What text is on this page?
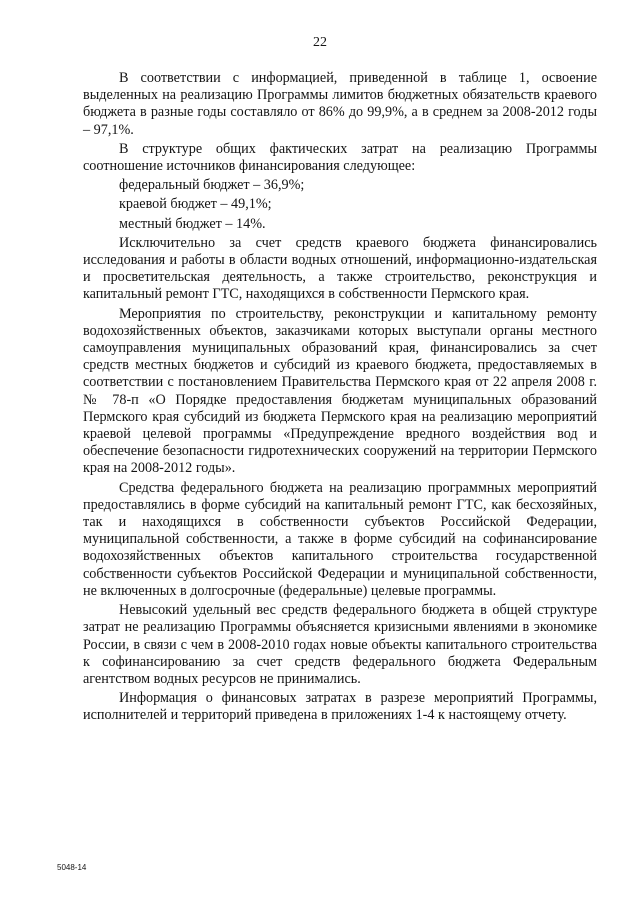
22

В соответствии с информацией, приведенной в таблице 1, освоение выделенных на реализацию Программы лимитов бюджетных обязательств краевого бюджета в разные годы составляло от 86% до 99,9%, а в среднем за 2008-2012 годы – 97,1%.

В структуре общих фактических затрат на реализацию Программы соотношение источников финансирования следующее:

федеральный бюджет – 36,9%;

краевой бюджет – 49,1%;

местный бюджет – 14%.

Исключительно за счет средств краевого бюджета финансировались исследования и работы в области водных отношений, информационно-издательская и просветительская деятельность, а также строительство, реконструкция и капитальный ремонт ГТС, находящихся в собственности Пермского края.

Мероприятия по строительству, реконструкции и капитальному ремонту водохозяйственных объектов, заказчиками которых выступали органы местного самоуправления муниципальных образований края, финансировались за счет средств местных бюджетов и субсидий из краевого бюджета, предоставляемых в соответствии с постановлением Правительства Пермского края от 22 апреля 2008 г. № 78-п «О Порядке предоставления бюджетам муниципальных образований Пермского края субсидий из бюджета Пермского края на реализацию мероприятий краевой целевой программы «Предупреждение вредного воздействия вод и обеспечение безопасности гидротехнических сооружений на территории Пермского края на 2008-2012 годы».

Средства федерального бюджета на реализацию программных мероприятий предоставлялись в форме субсидий на капитальный ремонт ГТС, как бесхозяйных, так и находящихся в собственности субъектов Российской Федерации, муниципальной собственности, а также в форме субсидий на софинансирование водохозяйственных объектов капитального строительства государственной собственности субъектов Российской Федерации и муниципальной собственности, не включенных в долгосрочные (федеральные) целевые программы.

Невысокий удельный вес средств федерального бюджета в общей структуре затрат не реализацию Программы объясняется кризисными явлениями в экономике России, в связи с чем в 2008-2010 годах новые объекты капитального строительства к софинансированию за счет средств федерального бюджета Федеральным агентством водных ресурсов не принимались.

Информация о финансовых затратах в разрезе мероприятий Программы, исполнителей и территорий приведена в приложениях 1-4 к настоящему отчету.

5048-14
